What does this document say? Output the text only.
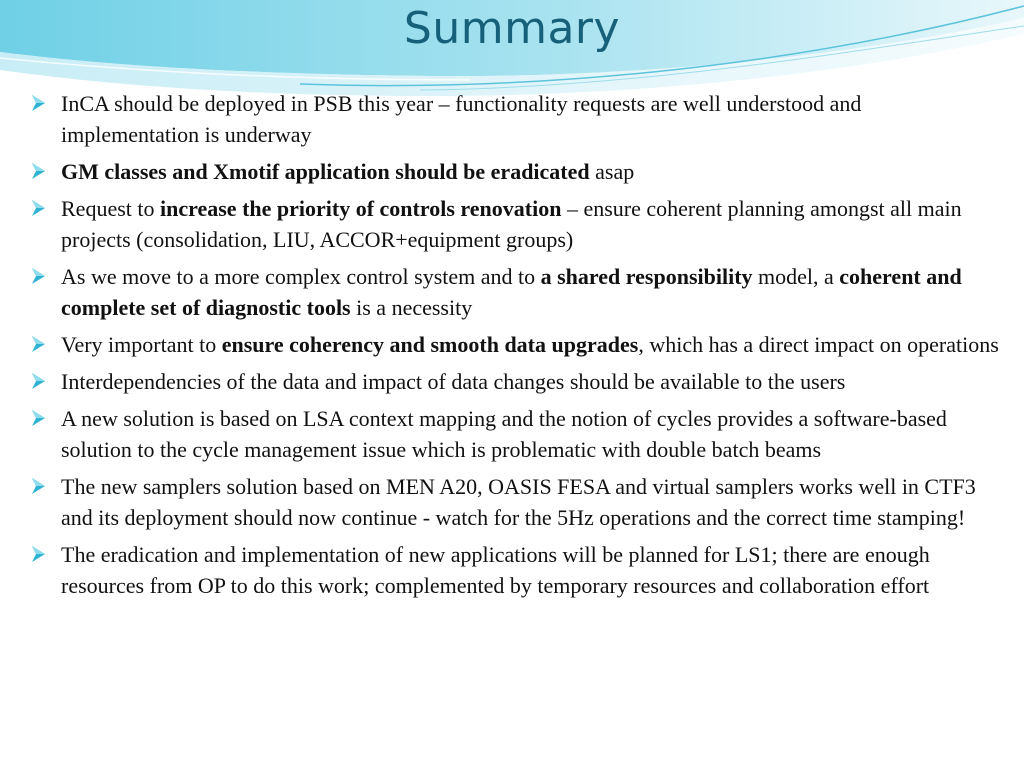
Summary
InCA should be deployed in PSB this year – functionality requests are well understood and implementation is underway
GM classes and Xmotif application should be eradicated asap
Request to increase the priority of controls renovation – ensure coherent planning amongst all main projects (consolidation, LIU, ACCOR+equipment groups)
As we move to a more complex control system and to a shared responsibility model, a coherent and complete set of diagnostic tools is a necessity
Very important to ensure coherency and smooth data upgrades, which has a direct impact on operations
Interdependencies of the data and impact of data changes should be available to the users
A new solution is based on LSA context mapping and the notion of cycles provides a software-based solution to the cycle management issue which is problematic with double batch beams
The new samplers solution based on MEN A20, OASIS FESA and virtual samplers works well in CTF3 and its deployment should now continue - watch for the 5Hz operations and the correct time stamping!
The eradication and implementation of new applications will be planned for LS1; there are enough resources from OP to do this work; complemented by temporary resources and collaboration effort
